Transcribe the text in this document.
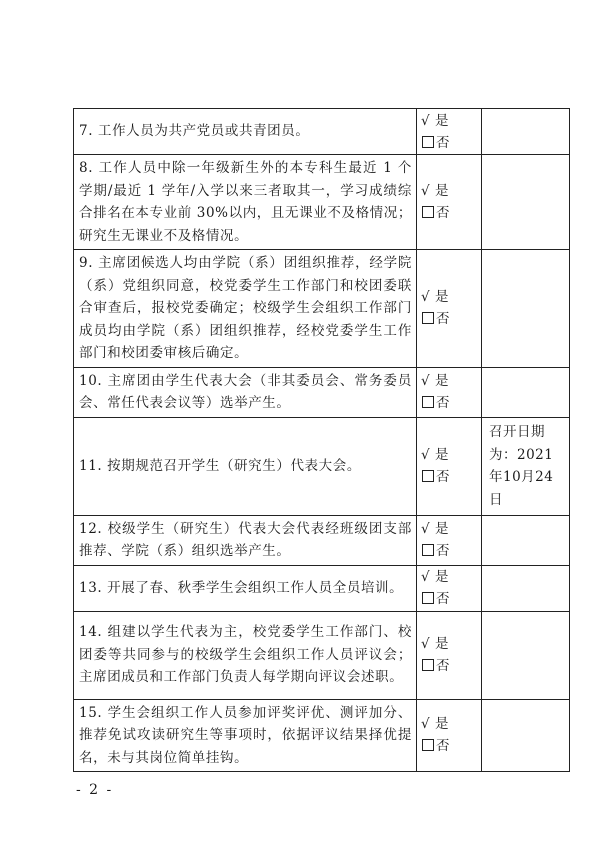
7. 工作人员为共产党员或共青团员。	√ 是
否	

8. 工作人员中除一年级新生外的本专科生最近 1 个学期/最近 1 学年/入学以来三者取其一，学习成绩综合排名在本专业前 30%以内，且无课业不及格情况；研究生无课业不及格情况。	√ 是
否	

9. 主席团候选人均由学院（系）团组织推荐，经学院（系）党组织同意，校党委学生工作部门和校团委联合审查后，报校党委确定；校级学生会组织工作部门成员均由学院（系）团组织推荐，经校党委学生工作部门和校团委审核后确定。	√ 是
否	

10. 主席团由学生代表大会（非其委员会、常务委员会、常任代表会议等）选举产生。	√ 是
否	

11. 按期规范召开学生（研究生）代表大会。	√ 是
否	召开日期为：2021年10月24日
12. 校级学生（研究生）代表大会代表经班级团支部推荐、学院（系）组织选举产生。	√ 是
否	

13. 开展了春、秋季学生会组织工作人员全员培训。	√ 是
否	

14. 组建以学生代表为主，校党委学生工作部门、校团委等共同参与的校级学生会组织工作人员评议会；主席团成员和工作部门负责人每学期向评议会述职。	√ 是
否	

15. 学生会组织工作人员参加评奖评优、测评加分、推荐免试攻读研究生等事项时，依据评议结果择优提名，未与其岗位简单挂钩。	√ 是
否	

- 2 -
